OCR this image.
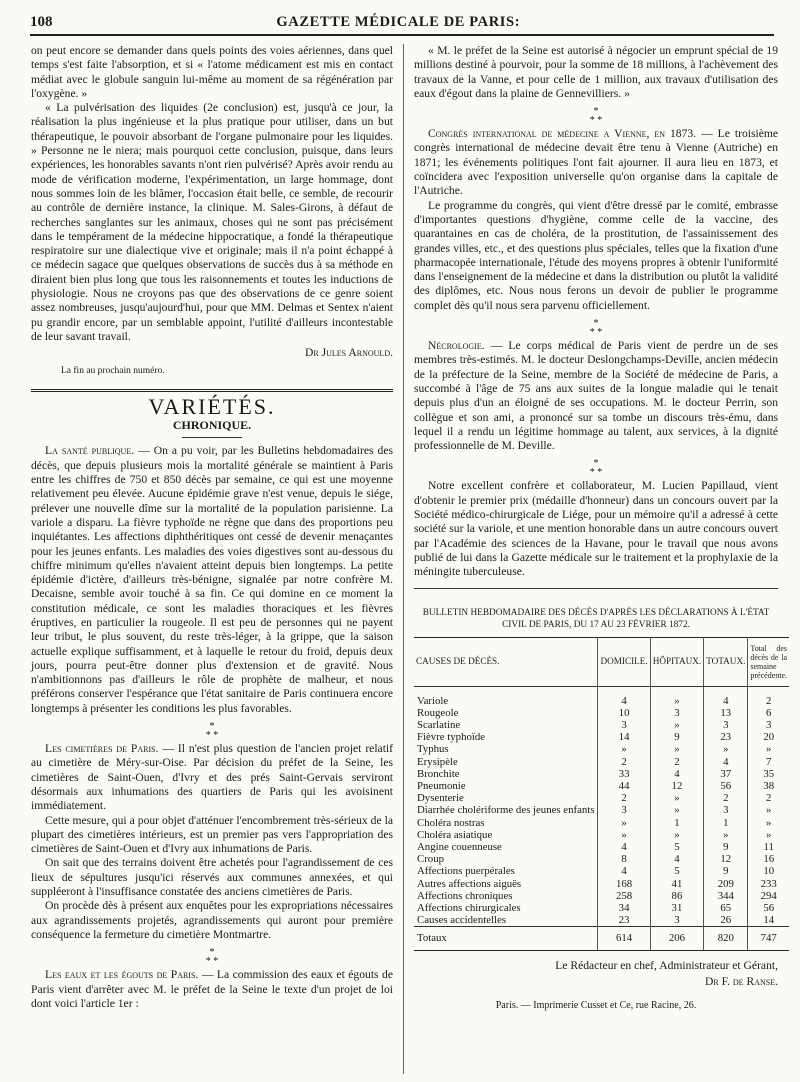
108	GAZETTE MÉDICALE DE PARIS:

on peut encore se demander dans quels points des voies aériennes, dans quel temps s'est faite l'absorption, et si « l'atome médicament est mis en contact médiat avec le globule sanguin lui-même au moment de sa régénération par l'oxygène. »

« La pulvérisation des liquides (2e conclusion) est, jusqu'à ce jour, la réalisation la plus ingénieuse et la plus pratique pour utiliser, dans un but thérapeutique, le pouvoir absorbant de l'organe pulmonaire pour les liquides. » Personne ne le niera; mais pourquoi cette conclusion, puisque, dans leurs expériences, les honorables savants n'ont rien pulvérisé? Après avoir rendu au mode de vérification moderne, l'expérimentation, un large hommage, dont nous sommes loin de les blâmer, l'occasion était belle, ce semble, de recourir au contrôle de dernière instance, la clinique. M. Sales-Girons, à défaut de recherches sanglantes sur les animaux, choses qui ne sont pas précisément dans le tempérament de la médecine hippocratique, a fondé la thérapeutique respiratoire sur une dialectique vive et originale; mais il n'a point échappé à ce médecin sagace que quelques observations de succès dus à sa méthode en diraient bien plus long que tous les raisonnements et toutes les inductions de physiologie. Nous ne croyons pas que des observations de ce genre soient assez nombreuses, jusqu'aujourd'hui, pour que MM. Delmas et Sentex n'aient pu grandir encore, par un semblable appoint, l'utilité d'ailleurs incontestable de leur savant travail.

Dr Jules Arnould.
La fin au prochain numéro.
VARIÉTÉS.
CHRONIQUE.

La santé publique. — On a pu voir, par les Bulletins hebdomadaires des décès, que depuis plusieurs mois la mortalité générale se maintient à Paris entre les chiffres de 750 et 850 décès par semaine, ce qui est une moyenne relativement peu élevée. Aucune épidémie grave n'est venue, depuis le siége, prélever une nouvelle dîme sur la mortalité de la population parisienne. La variole a disparu. La fièvre typhoïde ne règne que dans des proportions peu inquiétantes. Les affections diphthéritiques ont cessé de devenir menaçantes pour les jeunes enfants. Les maladies des voies digestives sont au-dessous du chiffre minimum qu'elles n'avaient atteint depuis bien longtemps. La petite épidémie d'ictère, d'ailleurs très-bénigne, signalée par notre confrère M. Decaisne, semble avoir touché à sa fin. Ce qui domine en ce moment la constitution médicale, ce sont les maladies thoraciques et les fièvres éruptives, en particulier la rougeole. Il est peu de personnes qui ne payent leur tribut, le plus souvent, du reste très-léger, à la grippe, que la saison actuelle explique suffisamment, et à laquelle le retour du froid, depuis deux jours, pourra peut-être donner plus d'extension et de gravité. Nous n'ambitionnons pas d'ailleurs le rôle de prophète de malheur, et nous préférons conserver l'espérance que l'état sanitaire de Paris continuera encore longtemps à présenter les conditions les plus favorables.

*
* *

Les cimetières de Paris. — Il n'est plus question de l'ancien projet relatif au cimetière de Méry-sur-Oise. Par décision du préfet de la Seine, les cimetières de Saint-Ouen, d'Ivry et des prés Saint-Gervais serviront désormais aux inhumations des quartiers de Paris qui les avoisinent immédiatement.

Cette mesure, qui a pour objet d'atténuer l'encombrement très-sérieux de la plupart des cimetières intérieurs, est un premier pas vers l'appropriation des cimetières de Saint-Ouen et d'Ivry aux inhumations de Paris.

On sait que des terrains doivent être achetés pour l'agrandissement de ces lieux de sépultures jusqu'ici réservés aux communes annexées, et qui suppléeront à l'insuffisance constatée des anciens cimetières de Paris.

On procède dès à présent aux enquêtes pour les expropriations nécessaires aux agrandissements projetés, agrandissements qui auront pour première conséquence la fermeture du cimetière Montmartre.

*
* *

Les eaux et les égouts de Paris. — La commission des eaux et égouts de Paris vient d'arrêter avec M. le préfet de la Seine le texte d'un projet de loi dont voici l'article 1er :

« M. le préfet de la Seine est autorisé à négocier un emprunt spécial de 19 millions destiné à pourvoir, pour la somme de 18 millions, à l'achèvement des travaux de la Vanne, et pour celle de 1 million, aux travaux d'utilisation des eaux d'égout dans la plaine de Gennevilliers. »

*
* *

Congrès international de médecine a Vienne, en 1873. — Le troisième congrès international de médecine devait être tenu à Vienne (Autriche) en 1871; les événements politiques l'ont fait ajourner. Il aura lieu en 1873, et coïncidera avec l'exposition universelle qu'on organise dans la capitale de l'Autriche.

Le programme du congrès, qui vient d'être dressé par le comité, embrasse d'importantes questions d'hygiène, comme celle de la vaccine, des quarantaines en cas de choléra, de la prostitution, de l'assainissement des grandes villes, etc., et des questions plus spéciales, telles que la fixation d'une pharmacopée internationale, l'étude des moyens propres à obtenir l'uniformité dans l'enseignement de la médecine et dans la distribution ou plutôt la validité des diplômes, etc. Nous nous ferons un devoir de publier le programme complet dès qu'il nous sera parvenu officiellement.

*
* *

Nécrologie. — Le corps médical de Paris vient de perdre un de ses membres très-estimés. M. le docteur Deslongchamps-Deville, ancien médecin de la préfecture de la Seine, membre de la Société de médecine de Paris, a succombé à l'âge de 75 ans aux suites de la longue maladie qui le tenait depuis plus d'un an éloigné de ses occupations. M. le docteur Perrin, son collègue et son ami, a prononcé sur sa tombe un discours très-ému, dans lequel il a rendu un légitime hommage au talent, aux services, à la dignité professionnelle de M. Deville.

*
* *

Notre excellent confrère et collaborateur, M. Lucien Papillaud, vient d'obtenir le premier prix (médaille d'honneur) dans un concours ouvert par la Société médico-chirurgicale de Liége, pour un mémoire qu'il a adressé à cette société sur la variole, et une mention honorable dans un autre concours ouvert par l'Académie des sciences de la Havane, pour le travail que nous avons publié de lui dans la Gazette médicale sur le traitement et la prophylaxie de la méningite tuberculeuse.

BULLETIN HEBDOMADAIRE DES DÉCÈS D'APRÈS LES DÉCLARATIONS À L'ÉTAT CIVIL DE PARIS, DU 17 AU 23 FÉVRIER 1872.
CAUSES DE DÉCÈS.	DOMICILE.	HÔPITAUX.	TOTAUX.	Total des décès de la semaine précédente.
Variole	4	»	4	2
Rougeole	10	3	13	6
Scarlatine	3	»	3	3
Fièvre typhoïde	14	9	23	20
Typhus	»	»	»	»
Erysipèle	2	2	4	7
Bronchite	33	4	37	35
Pneumonie	44	12	56	38
Dysenterie	2	»	2	2
Diarrhée cholériforme des jeunes enfants	3	»	3	»
Choléra nostras	»	1	1	»
Choléra asiatique	»	»	»	»
Angine couenneuse	4	5	9	11
Croup	8	4	12	16
Affections puerpérales	4	5	9	10
Autres affections aiguës	168	41	209	233
Affections chroniques	258	86	344	294
Affections chirurgicales	34	31	65	56
Causes accidentelles	23	3	26	14
Totaux	614	206	820	747
Le Rédacteur en chef, Administrateur et Gérant,
Dr F. de Ranse.
Paris. — Imprimerie Cusset et Ce, rue Racine, 26.
